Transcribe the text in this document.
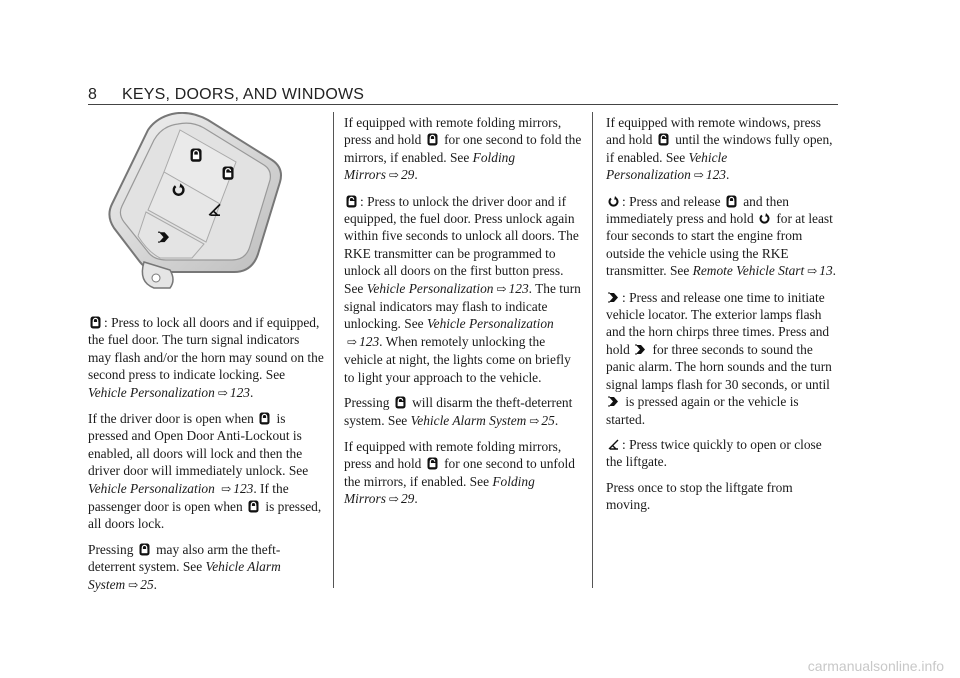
8 KEYS, DOORS, AND WINDOWS

: Press to lock all doors and if equipped, the fuel door. The turn signal indicators may flash and/or the horn may sound on the second press to indicate locking. See Vehicle Personalization ⇨ 123.

If the driver door is open when
is pressed and Open Door Anti-Lockout is enabled, all doors will lock and then the driver door will immediately unlock. See Vehicle Personalization ⇨ 123. If the passenger door is open when
is pressed, all doors lock.

Pressing
may also arm the theft-deterrent system. See Vehicle Alarm System ⇨ 25.

If equipped with remote folding mirrors, press and hold
for one second to fold the mirrors, if enabled. See Folding Mirrors ⇨ 29.

: Press to unlock the driver door and if equipped, the fuel door. Press unlock again within five seconds to unlock all doors. The RKE transmitter can be programmed to unlock all doors on the first button press. See Vehicle Personalization ⇨ 123. The turn signal indicators may flash to indicate unlocking. See Vehicle Personalization ⇨ 123. When remotely unlocking the vehicle at night, the lights come on briefly to light your approach to the vehicle.

Pressing
will disarm the theft-deterrent system. See Vehicle Alarm System ⇨ 25.

If equipped with remote folding mirrors, press and hold
for one second to unfold the mirrors, if enabled. See Folding Mirrors ⇨ 29.

If equipped with remote windows, press and hold
until the windows fully open, if enabled. See Vehicle Personalization ⇨ 123.

: Press and release
and then immediately press and hold
for at least four seconds to start the engine from outside the vehicle using the RKE transmitter. See Remote Vehicle Start ⇨ 13.

: Press and release one time to initiate vehicle locator. The exterior lamps flash and the horn chirps three times. Press and hold
for three seconds to sound the panic alarm. The horn sounds and the turn signal lamps flash for 30 seconds, or until
is pressed again or the vehicle is started.

: Press twice quickly to open or close the liftgate.

Press once to stop the liftgate from moving.

carmanualsonline.info
